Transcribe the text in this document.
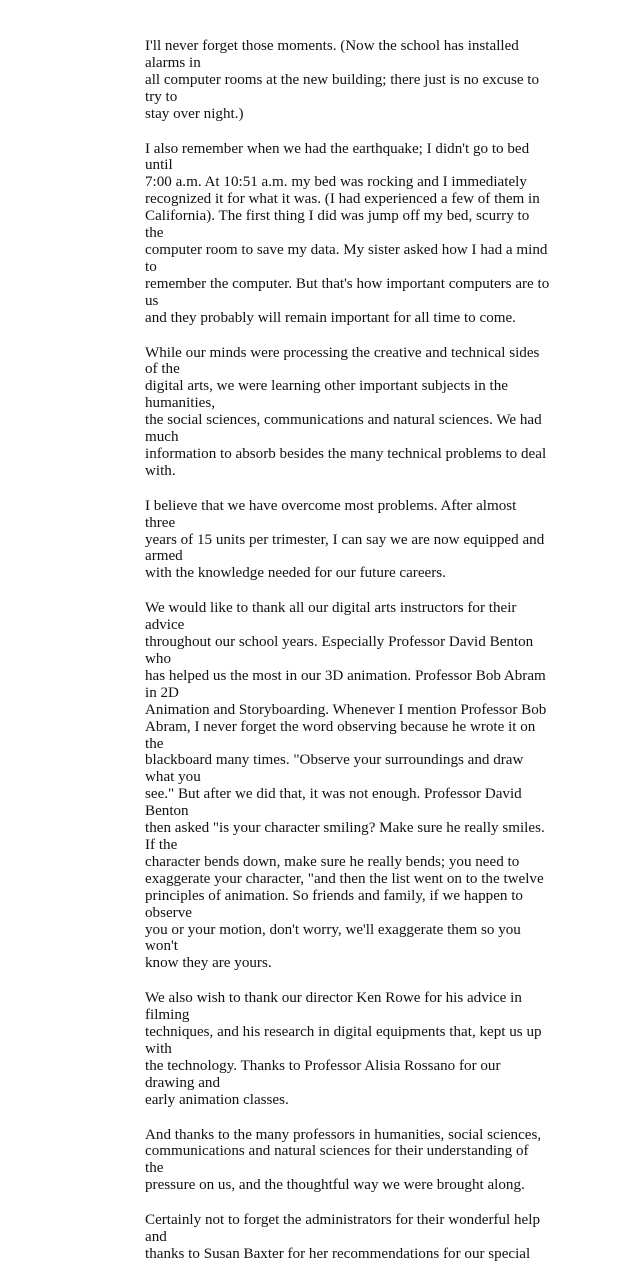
I'll never forget those moments. (Now the school has installed alarms in
all computer rooms at the new building; there just is no excuse to try to
stay over night.)

I also remember when we had the earthquake; I didn't go to bed until
7:00 a.m. At 10:51 a.m. my bed was rocking and I immediately
recognized it for what it was. (I had experienced a few of them in
California). The first thing I did was jump off my bed, scurry to the
computer room to save my data. My sister asked how I had a mind to
remember the computer. But that's how important computers are to us
and they probably will remain important for all time to come.

While our minds were processing the creative and technical sides of the
digital arts, we were learning other important subjects in the humanities,
the social sciences, communications and natural sciences. We had much
information to absorb besides the many technical problems to deal with.

I believe that we have overcome most problems. After almost three
years of 15 units per trimester, I can say we are now equipped and armed
with the knowledge needed for our future careers.

We would like to thank all our digital arts instructors for their advice
throughout our school years. Especially Professor David Benton who
has helped us the most in our 3D animation. Professor Bob Abram in 2D
Animation and Storyboarding. Whenever I mention Professor Bob
Abram, I never forget the word observing because he wrote it on the
blackboard many times. "Observe your surroundings and draw what you
see." But after we did that, it was not enough. Professor David Benton
then asked "is your character smiling? Make sure he really smiles. If the
character bends down, make sure he really bends; you need to
exaggerate your character, "and then the list went on to the twelve
principles of animation. So friends and family, if we happen to observe
you or your motion, don't worry, we'll exaggerate them so you won't
know they are yours.

We also wish to thank our director Ken Rowe for his advice in filming
techniques, and his research in digital equipments that, kept us up with
the technology. Thanks to Professor Alisia Rossano for our drawing and
early animation classes.

And thanks to the many professors in humanities, social sciences,
communications and natural sciences for their understanding of the
pressure on us, and the thoughtful way we were brought along.

Certainly not to forget the administrators for their wonderful help and
thanks to Susan Baxter for her recommendations for our special
